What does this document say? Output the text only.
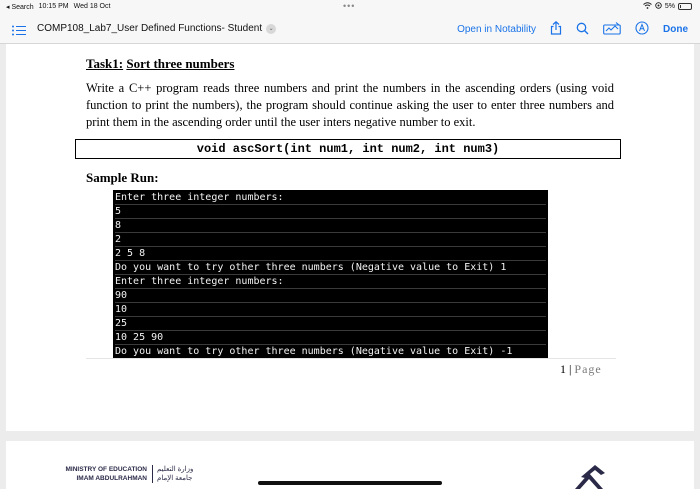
◂ Search 10:15 PM Wed 18 Oct	•••	5%
COMP108_Lab7_User Defined Functions- Student	⌄	Open in Notability	Done
Task1: Sort three numbers
Write a C++ program reads three numbers and print the numbers in the ascending orders (using void function to print the numbers), the program should continue asking the user to enter three numbers and print them in the ascending order until the user inters negative number to exit.
void ascSort(int num1, int num2, int num3)
Sample Run:
Enter three integer numbers:
5
8
2
2 5 8
Do you want to try other three numbers (Negative value to Exit) 1
Enter three integer numbers:
90
10
25
10 25 90
Do you want to try other three numbers (Negative value to Exit) -1
1 | Page
MINISTRY OF EDUCATION
IMAM ABDULRAHMAN
وزارة التعليم
جامعة الإمام
